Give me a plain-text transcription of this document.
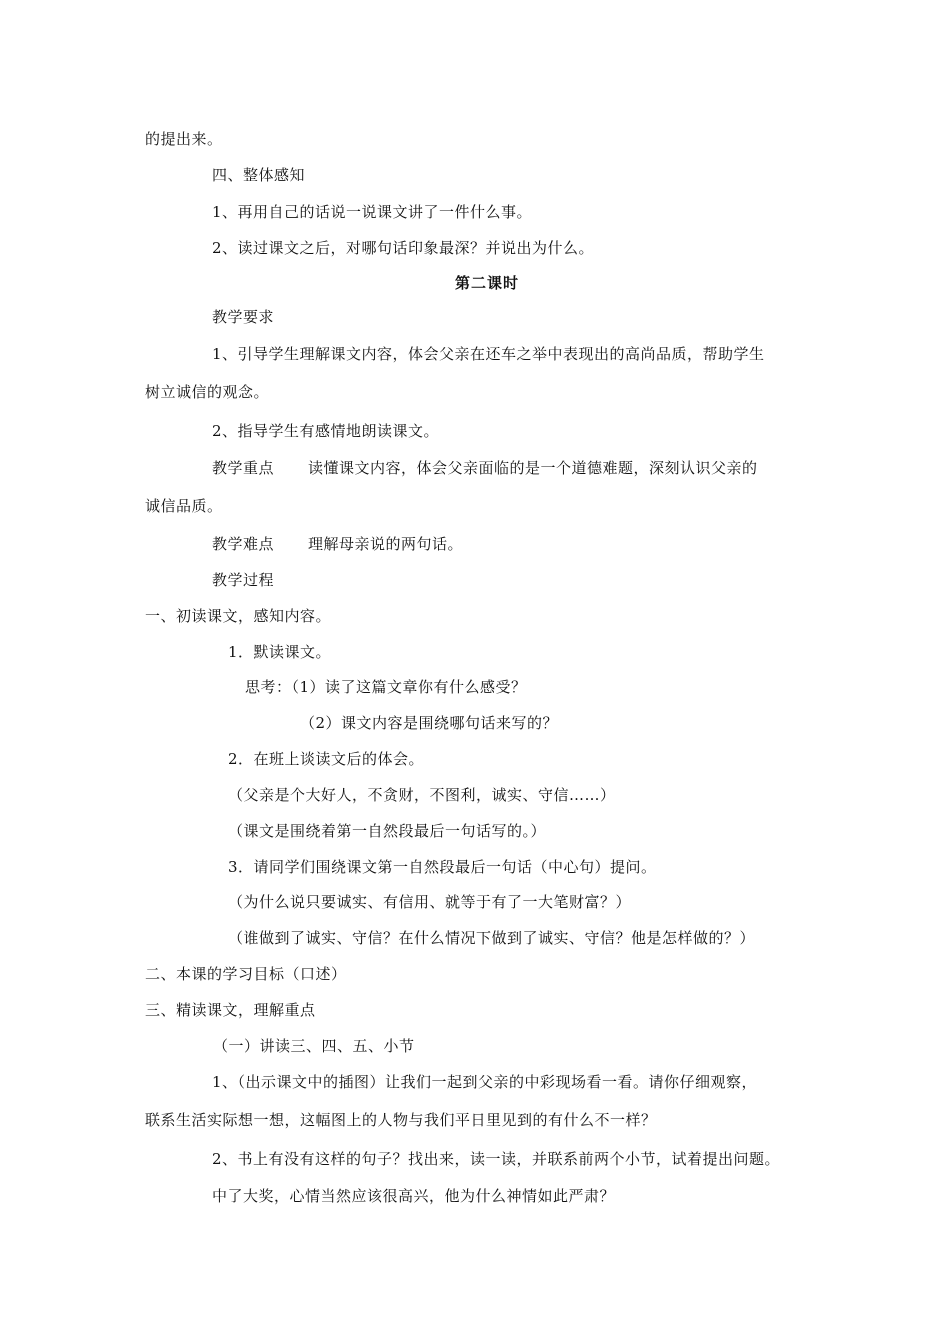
的提出来。
四、整体感知
1、再用自己的话说一说课文讲了一件什么事。
2、读过课文之后，对哪句话印象最深？并说出为什么。
第二课时
教学要求
1、引导学生理解课文内容，体会父亲在还车之举中表现出的高尚品质，帮助学生
树立诚信的观念。
2、指导学生有感情地朗读课文。
教学重点 读懂课文内容，体会父亲面临的是一个道德难题，深刻认识父亲的
诚信品质。
教学难点 理解母亲说的两句话。
教学过程
一、初读课文，感知内容。
1．默读课文。
思考：（1）读了这篇文章你有什么感受？
（2）课文内容是围绕哪句话来写的？
2．在班上谈读文后的体会。
（父亲是个大好人，不贪财，不图利，诚实、守信……）
（课文是围绕着第一自然段最后一句话写的。）
3．请同学们围绕课文第一自然段最后一句话（中心句）提问。
（为什么说只要诚实、有信用、就等于有了一大笔财富？）
（谁做到了诚实、守信？在什么情况下做到了诚实、守信？他是怎样做的？）
二、本课的学习目标（口述）
三、精读课文，理解重点
（一）讲读三、四、五、小节
1、（出示课文中的插图）让我们一起到父亲的中彩现场看一看。请你仔细观察，
联系生活实际想一想，这幅图上的人物与我们平日里见到的有什么不一样？
2、书上有没有这样的句子？找出来，读一读，并联系前两个小节，试着提出问题。
中了大奖，心情当然应该很高兴，他为什么神情如此严肃？
